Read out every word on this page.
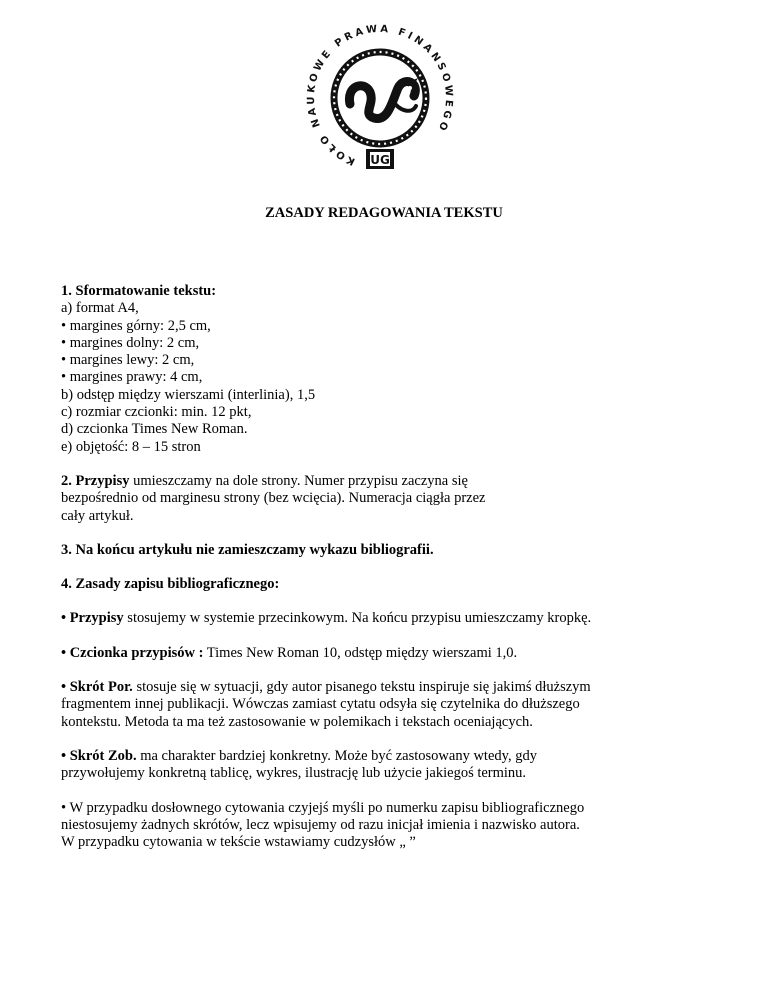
KOŁO NAUKOWE PRAWA FINANSOWEGO
UG
ZASADY REDAGOWANIA TEKSTU

1. Sformatowanie tekstu:
a) format A4,
• margines górny: 2,5 cm,
• margines dolny: 2 cm,
• margines lewy: 2 cm,
• margines prawy: 4 cm,
b) odstęp między wierszami (interlinia), 1,5
c) rozmiar czcionki: min. 12 pkt,
d) czcionka Times New Roman.
e) objętość: 8 – 15 stron

2. Przypisy umieszczamy na dole strony. Numer przypisu zaczyna się
bezpośrednio od marginesu strony (bez wcięcia). Numeracja ciągła przez
cały artykuł.

3. Na końcu artykułu nie zamieszczamy wykazu bibliografii.

4. Zasady zapisu bibliograficznego:

• Przypisy stosujemy w systemie przecinkowym. Na końcu przypisu umieszczamy kropkę.

• Czcionka przypisów : Times New Roman 10, odstęp między wierszami 1,0.

• Skrót Por. stosuje się w sytuacji, gdy autor pisanego tekstu inspiruje się jakimś dłuższym
fragmentem innej publikacji. Wówczas zamiast cytatu odsyła się czytelnika do dłuższego
kontekstu. Metoda ta ma też zastosowanie w polemikach i tekstach oceniających.

• Skrót Zob. ma charakter bardziej konkretny. Może być zastosowany wtedy, gdy
przywołujemy konkretną tablicę, wykres, ilustrację lub użycie jakiegoś terminu.

• W przypadku dosłownego cytowania czyjejś myśli po numerku zapisu bibliograficznego
niestosujemy żadnych skrótów, lecz wpisujemy od razu inicjał imienia i nazwisko autora.
W przypadku cytowania w tekście wstawiamy cudzysłów „ ”
